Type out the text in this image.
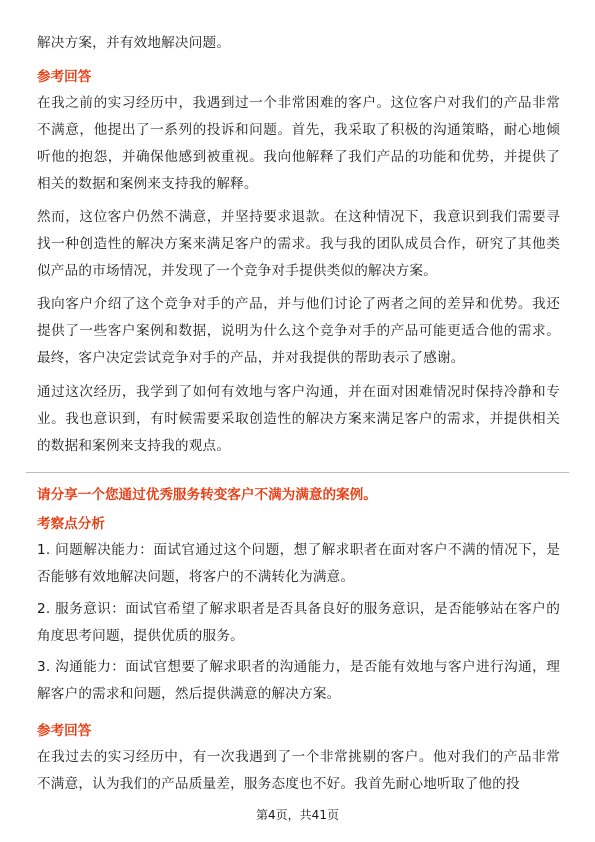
解决方案，并有效地解决问题。

参考回答

在我之前的实习经历中，我遇到过一个非常困难的客户。这位客户对我们的产品非常不满意，他提出了一系列的投诉和问题。首先，我采取了积极的沟通策略，耐心地倾听他的抱怨，并确保他感到被重视。我向他解释了我们产品的功能和优势，并提供了相关的数据和案例来支持我的解释。

然而，这位客户仍然不满意，并坚持要求退款。在这种情况下，我意识到我们需要寻找一种创造性的解决方案来满足客户的需求。我与我的团队成员合作，研究了其他类似产品的市场情况，并发现了一个竞争对手提供类似的解决方案。

我向客户介绍了这个竞争对手的产品，并与他们讨论了两者之间的差异和优势。我还提供了一些客户案例和数据，说明为什么这个竞争对手的产品可能更适合他的需求。最终，客户决定尝试竞争对手的产品，并对我提供的帮助表示了感谢。

通过这次经历，我学到了如何有效地与客户沟通，并在面对困难情况时保持冷静和专业。我也意识到，有时候需要采取创造性的解决方案来满足客户的需求，并提供相关的数据和案例来支持我的观点。

请分享一个您通过优秀服务转变客户不满为满意的案例。

考察点分析

1. 问题解决能力：面试官通过这个问题，想了解求职者在面对客户不满的情况下，是否能够有效地解决问题，将客户的不满转化为满意。

2. 服务意识：面试官希望了解求职者是否具备良好的服务意识，是否能够站在客户的角度思考问题，提供优质的服务。

3. 沟通能力：面试官想要了解求职者的沟通能力，是否能有效地与客户进行沟通，理解客户的需求和问题，然后提供满意的解决方案。

参考回答

在我过去的实习经历中，有一次我遇到了一个非常挑剔的客户。他对我们的产品非常不满意，认为我们的产品质量差，服务态度也不好。我首先耐心地听取了他的投

第4页，共41页
